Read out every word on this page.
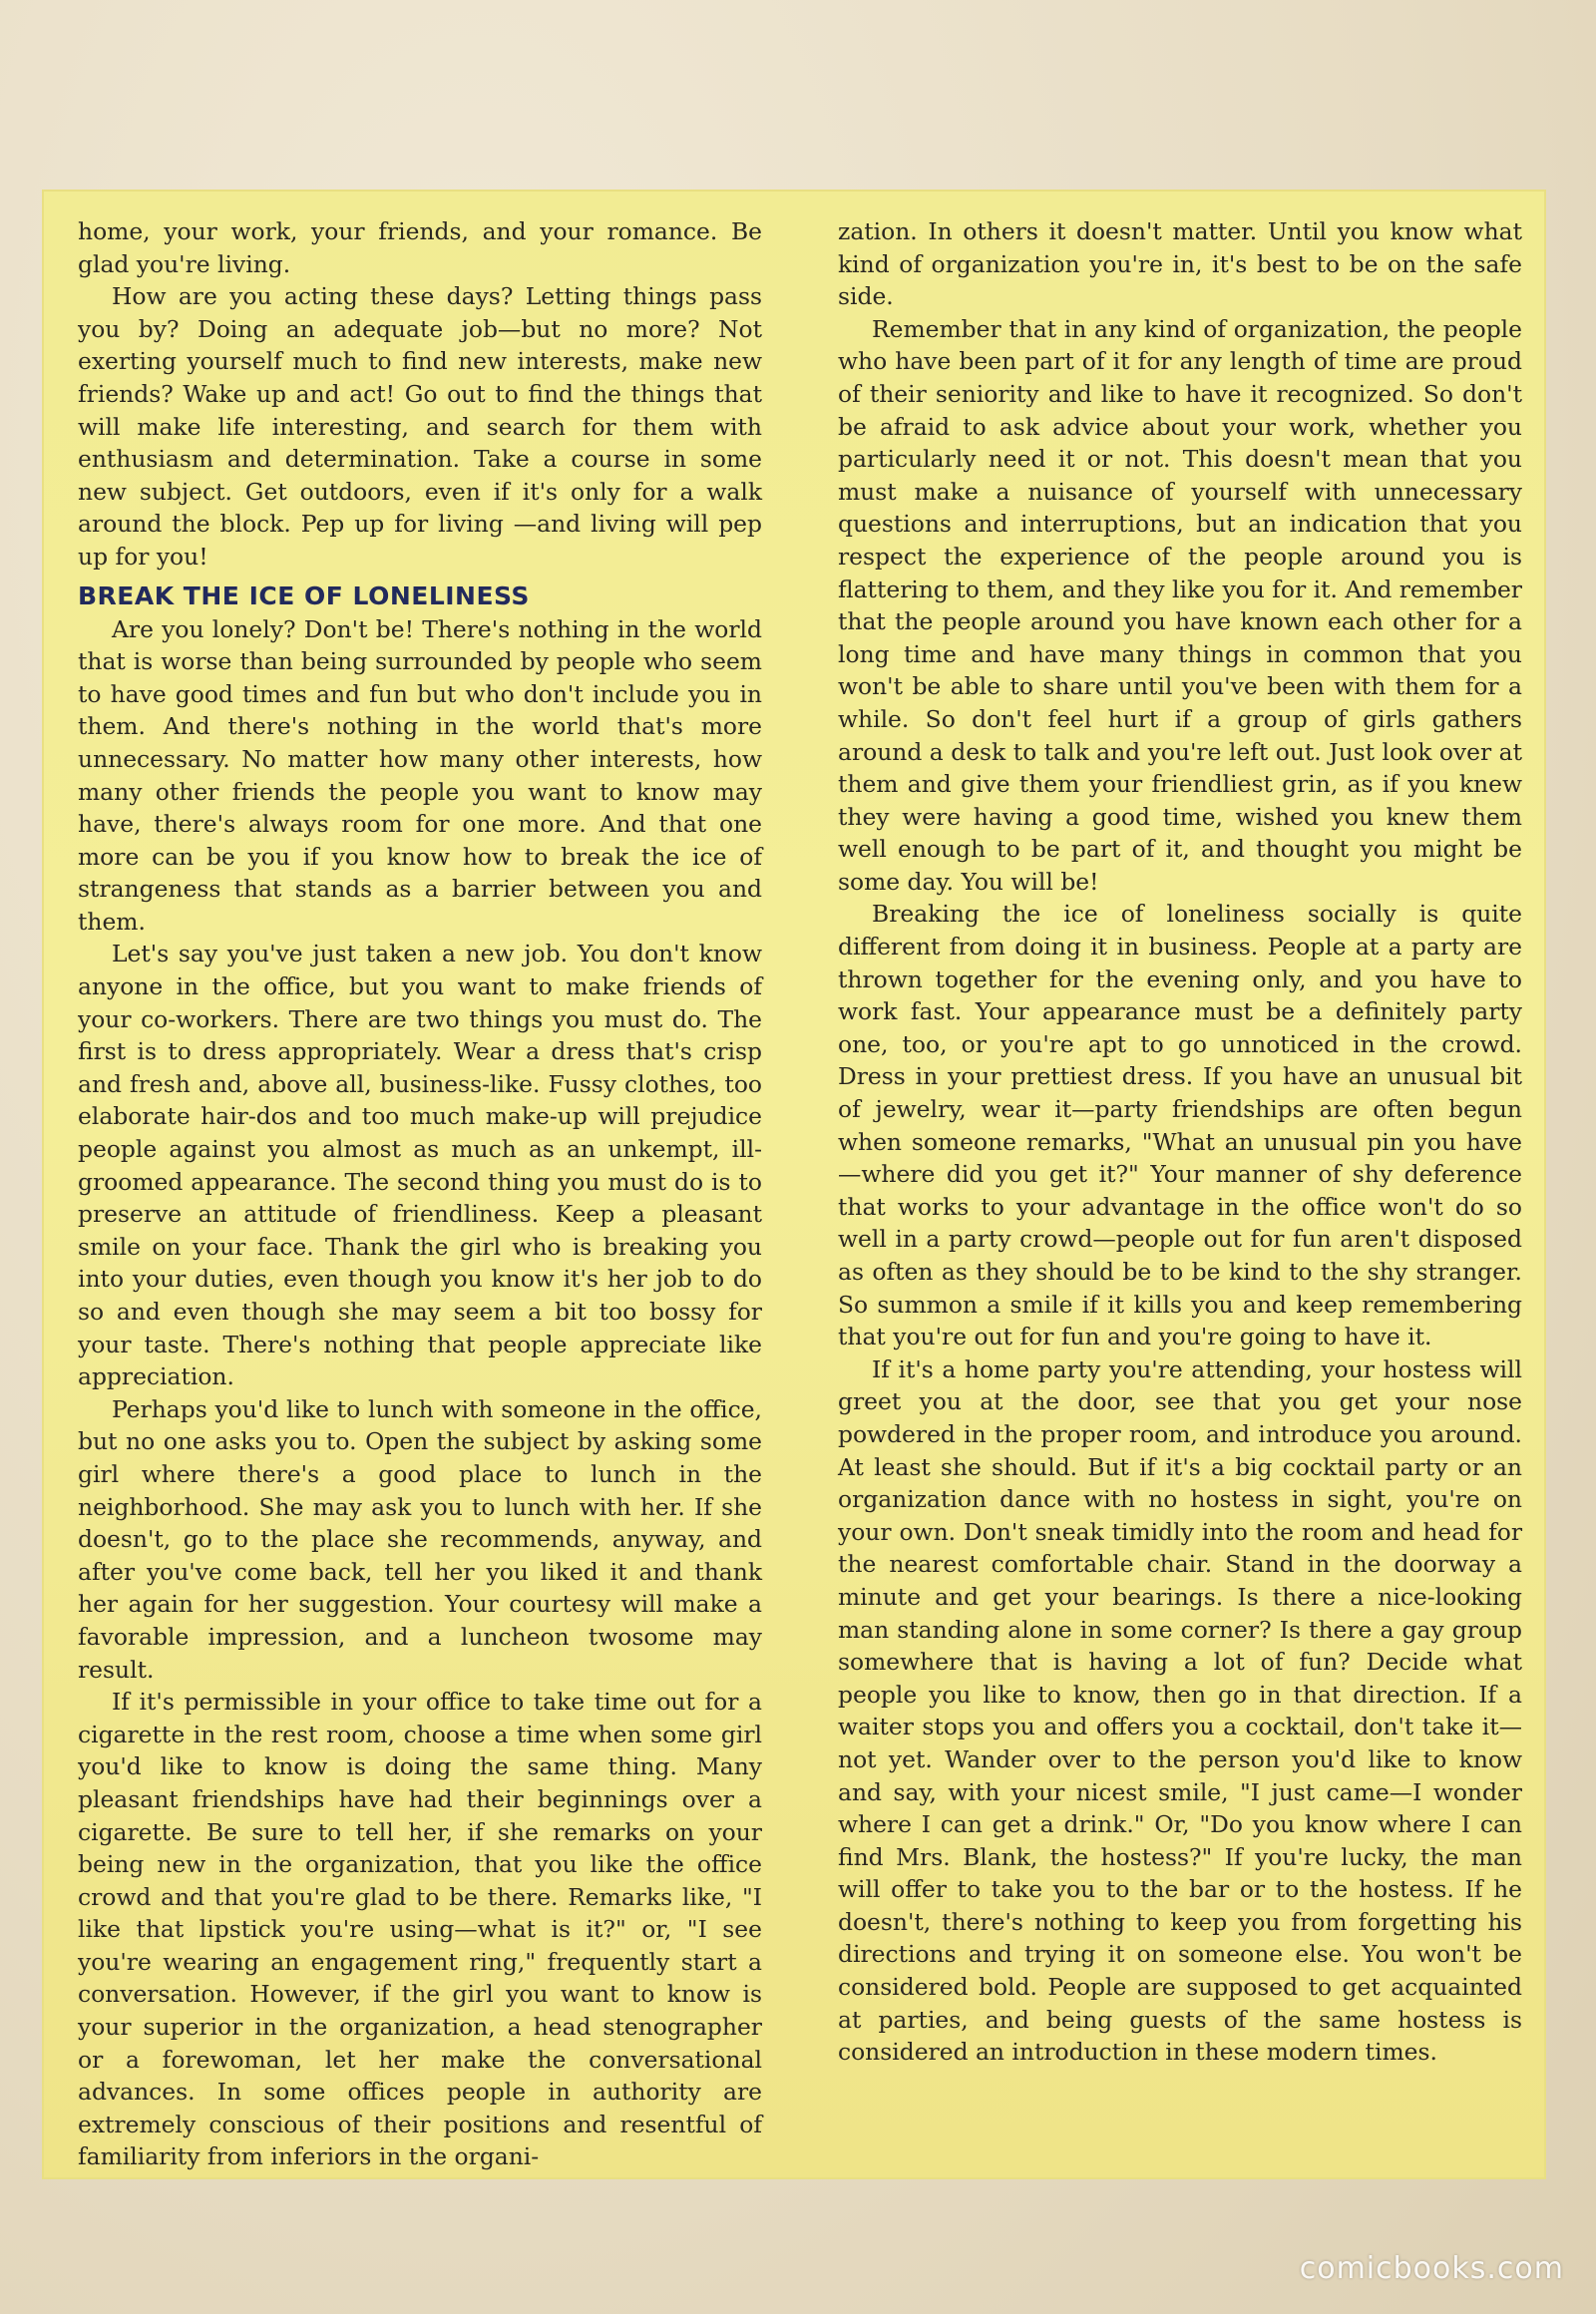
home, your work, your friends, and your romance. Be glad you're living.

How are you acting these days? Letting things pass you by? Doing an adequate job—but no more? Not exerting yourself much to find new interests, make new friends? Wake up and act! Go out to find the things that will make life interesting, and search for them with enthusiasm and determination. Take a course in some new subject. Get outdoors, even if it's only for a walk around the block. Pep up for living —and living will pep up for you!

BREAK THE ICE OF LONELINESS

Are you lonely? Don't be! There's nothing in the world that is worse than being surrounded by people who seem to have good times and fun but who don't include you in them. And there's nothing in the world that's more unnecessary. No matter how many other interests, how many other friends the people you want to know may have, there's always room for one more. And that one more can be you if you know how to break the ice of strangeness that stands as a barrier between you and them.

Let's say you've just taken a new job. You don't know anyone in the office, but you want to make friends of your co-workers. There are two things you must do. The first is to dress appropriately. Wear a dress that's crisp and fresh and, above all, business-like. Fussy clothes, too elaborate hair-dos and too much make-up will prejudice people against you almost as much as an unkempt, ill-groomed appearance. The second thing you must do is to preserve an attitude of friendliness. Keep a pleasant smile on your face. Thank the girl who is breaking you into your duties, even though you know it's her job to do so and even though she may seem a bit too bossy for your taste. There's nothing that people appreciate like appreciation.

Perhaps you'd like to lunch with someone in the office, but no one asks you to. Open the subject by asking some girl where there's a good place to lunch in the neighborhood. She may ask you to lunch with her. If she doesn't, go to the place she recommends, anyway, and after you've come back, tell her you liked it and thank her again for her suggestion. Your courtesy will make a favorable impression, and a luncheon twosome may result.

If it's permissible in your office to take time out for a cigarette in the rest room, choose a time when some girl you'd like to know is doing the same thing. Many pleasant friendships have had their beginnings over a cigarette. Be sure to tell her, if she remarks on your being new in the organization, that you like the office crowd and that you're glad to be there. Remarks like, "I like that lipstick you're using—what is it?" or, "I see you're wearing an engagement ring," frequently start a conversation. However, if the girl you want to know is your superior in the organization, a head stenographer or a forewoman, let her make the conversational advances. In some offices people in authority are extremely conscious of their positions and resentful of familiarity from inferiors in the organi-

zation. In others it doesn't matter. Until you know what kind of organization you're in, it's best to be on the safe side.

Remember that in any kind of organization, the people who have been part of it for any length of time are proud of their seniority and like to have it recognized. So don't be afraid to ask advice about your work, whether you particularly need it or not. This doesn't mean that you must make a nuisance of yourself with unnecessary questions and interruptions, but an indication that you respect the experience of the people around you is flattering to them, and they like you for it. And remember that the people around you have known each other for a long time and have many things in common that you won't be able to share until you've been with them for a while. So don't feel hurt if a group of girls gathers around a desk to talk and you're left out. Just look over at them and give them your friendliest grin, as if you knew they were having a good time, wished you knew them well enough to be part of it, and thought you might be some day. You will be!

Breaking the ice of loneliness socially is quite different from doing it in business. People at a party are thrown together for the evening only, and you have to work fast. Your appearance must be a definitely party one, too, or you're apt to go unnoticed in the crowd. Dress in your prettiest dress. If you have an unusual bit of jewelry, wear it—party friendships are often begun when someone remarks, "What an unusual pin you have—where did you get it?" Your manner of shy deference that works to your advantage in the office won't do so well in a party crowd—people out for fun aren't disposed as often as they should be to be kind to the shy stranger. So summon a smile if it kills you and keep remembering that you're out for fun and you're going to have it.

If it's a home party you're attending, your hostess will greet you at the door, see that you get your nose powdered in the proper room, and introduce you around. At least she should. But if it's a big cocktail party or an organization dance with no hostess in sight, you're on your own. Don't sneak timidly into the room and head for the nearest comfortable chair. Stand in the doorway a minute and get your bearings. Is there a nice-looking man standing alone in some corner? Is there a gay group somewhere that is having a lot of fun? Decide what people you like to know, then go in that direction. If a waiter stops you and offers you a cocktail, don't take it—not yet. Wander over to the person you'd like to know and say, with your nicest smile, "I just came—I wonder where I can get a drink." Or, "Do you know where I can find Mrs. Blank, the hostess?" If you're lucky, the man will offer to take you to the bar or to the hostess. If he doesn't, there's nothing to keep you from forgetting his directions and trying it on someone else. You won't be considered bold. People are supposed to get acquainted at parties, and being guests of the same hostess is considered an introduction in these modern times.

comicbooks.com
